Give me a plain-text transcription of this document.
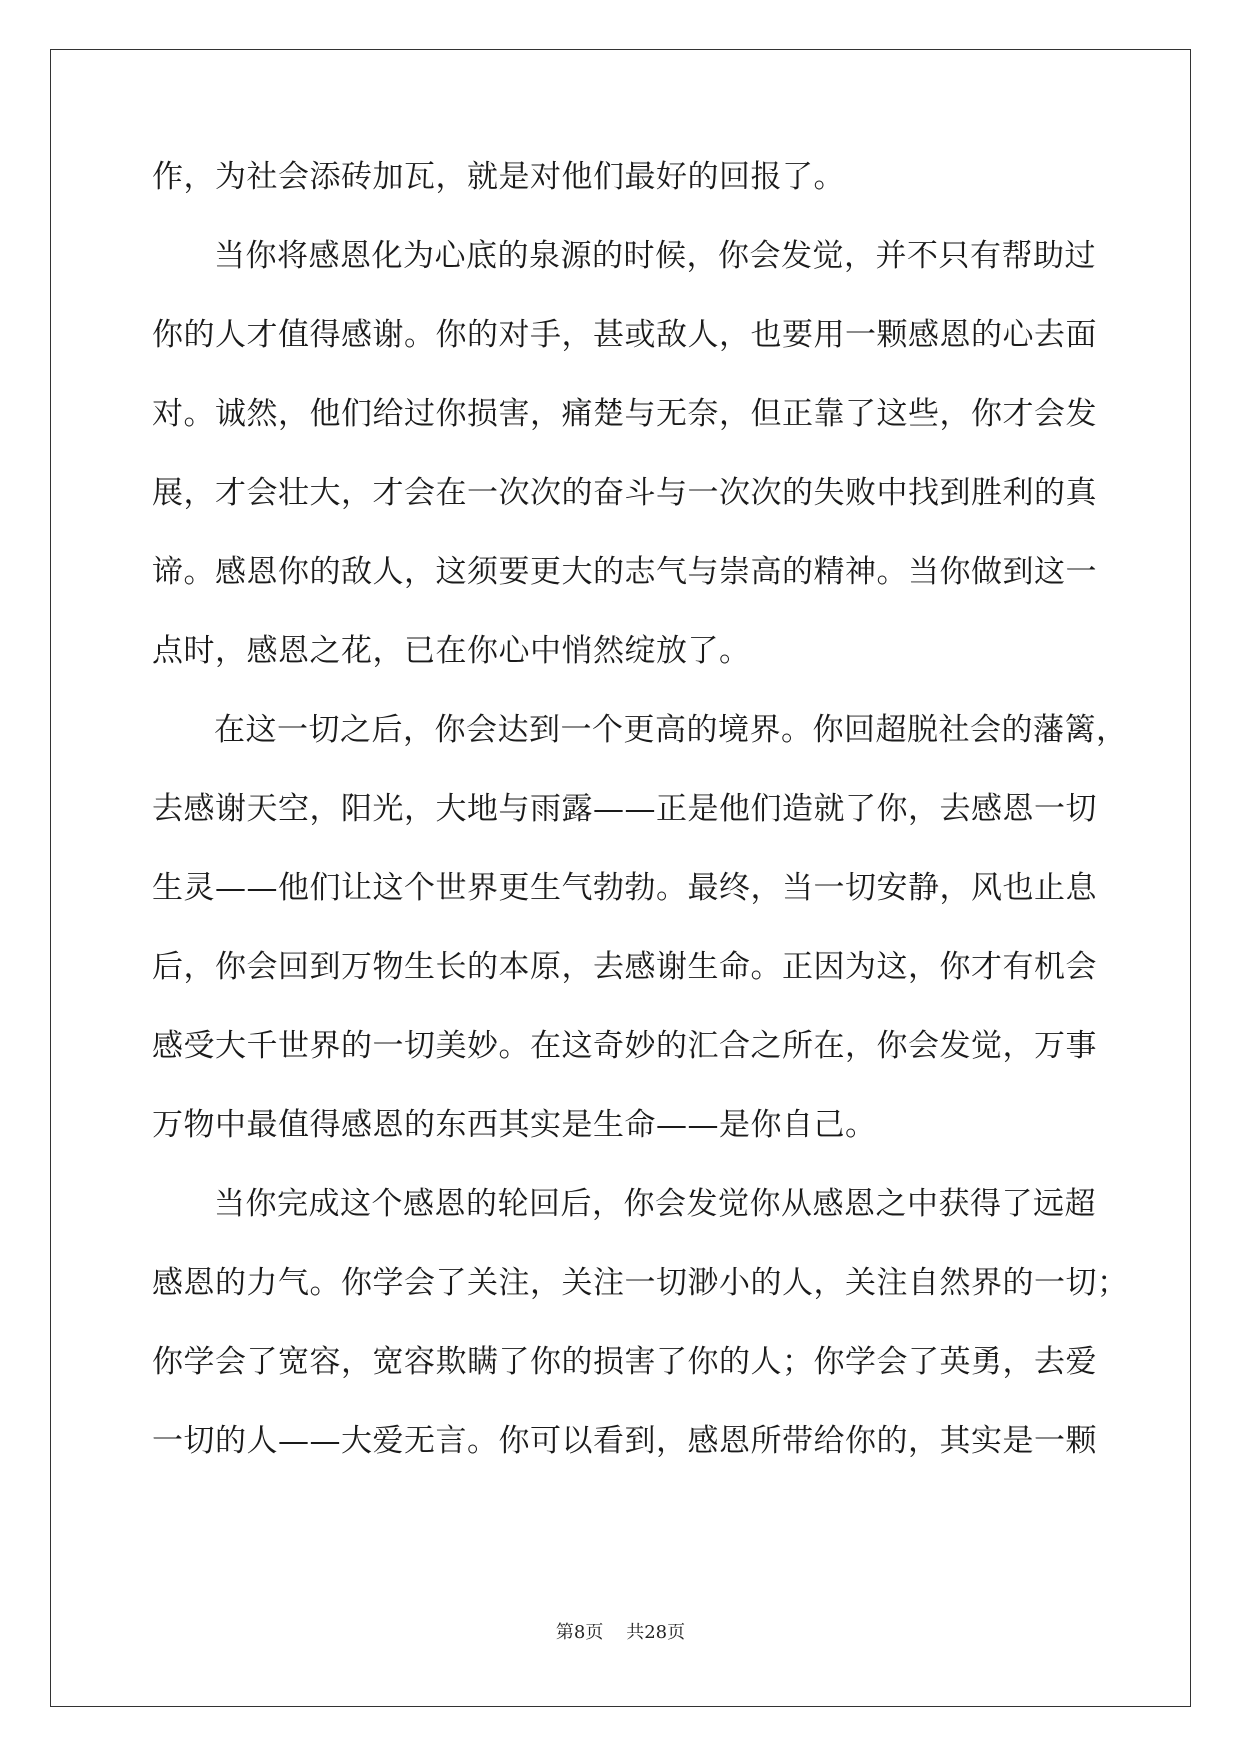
作，为社会添砖加瓦，就是对他们最好的回报了。
当你将感恩化为心底的泉源的时候，你会发觉，并不只有帮助过
你的人才值得感谢。你的对手，甚或敌人，也要用一颗感恩的心去面
对。诚然，他们给过你损害，痛楚与无奈，但正靠了这些，你才会发
展，才会壮大，才会在一次次的奋斗与一次次的失败中找到胜利的真
谛。感恩你的敌人，这须要更大的志气与崇高的精神。当你做到这一
点时，感恩之花，已在你心中悄然绽放了。
在这一切之后，你会达到一个更高的境界。你回超脱社会的藩篱，
去感谢天空，阳光，大地与雨露——正是他们造就了你，去感恩一切
生灵——他们让这个世界更生气勃勃。最终，当一切安静，风也止息
后，你会回到万物生长的本原，去感谢生命。正因为这，你才有机会
感受大千世界的一切美妙。在这奇妙的汇合之所在，你会发觉，万事
万物中最值得感恩的东西其实是生命——是你自己。
当你完成这个感恩的轮回后，你会发觉你从感恩之中获得了远超
感恩的力气。你学会了关注，关注一切渺小的人，关注自然界的一切；
你学会了宽容，宽容欺瞒了你的损害了你的人；你学会了英勇，去爱
一切的人——大爱无言。你可以看到，感恩所带给你的，其实是一颗
第8页 共28页
